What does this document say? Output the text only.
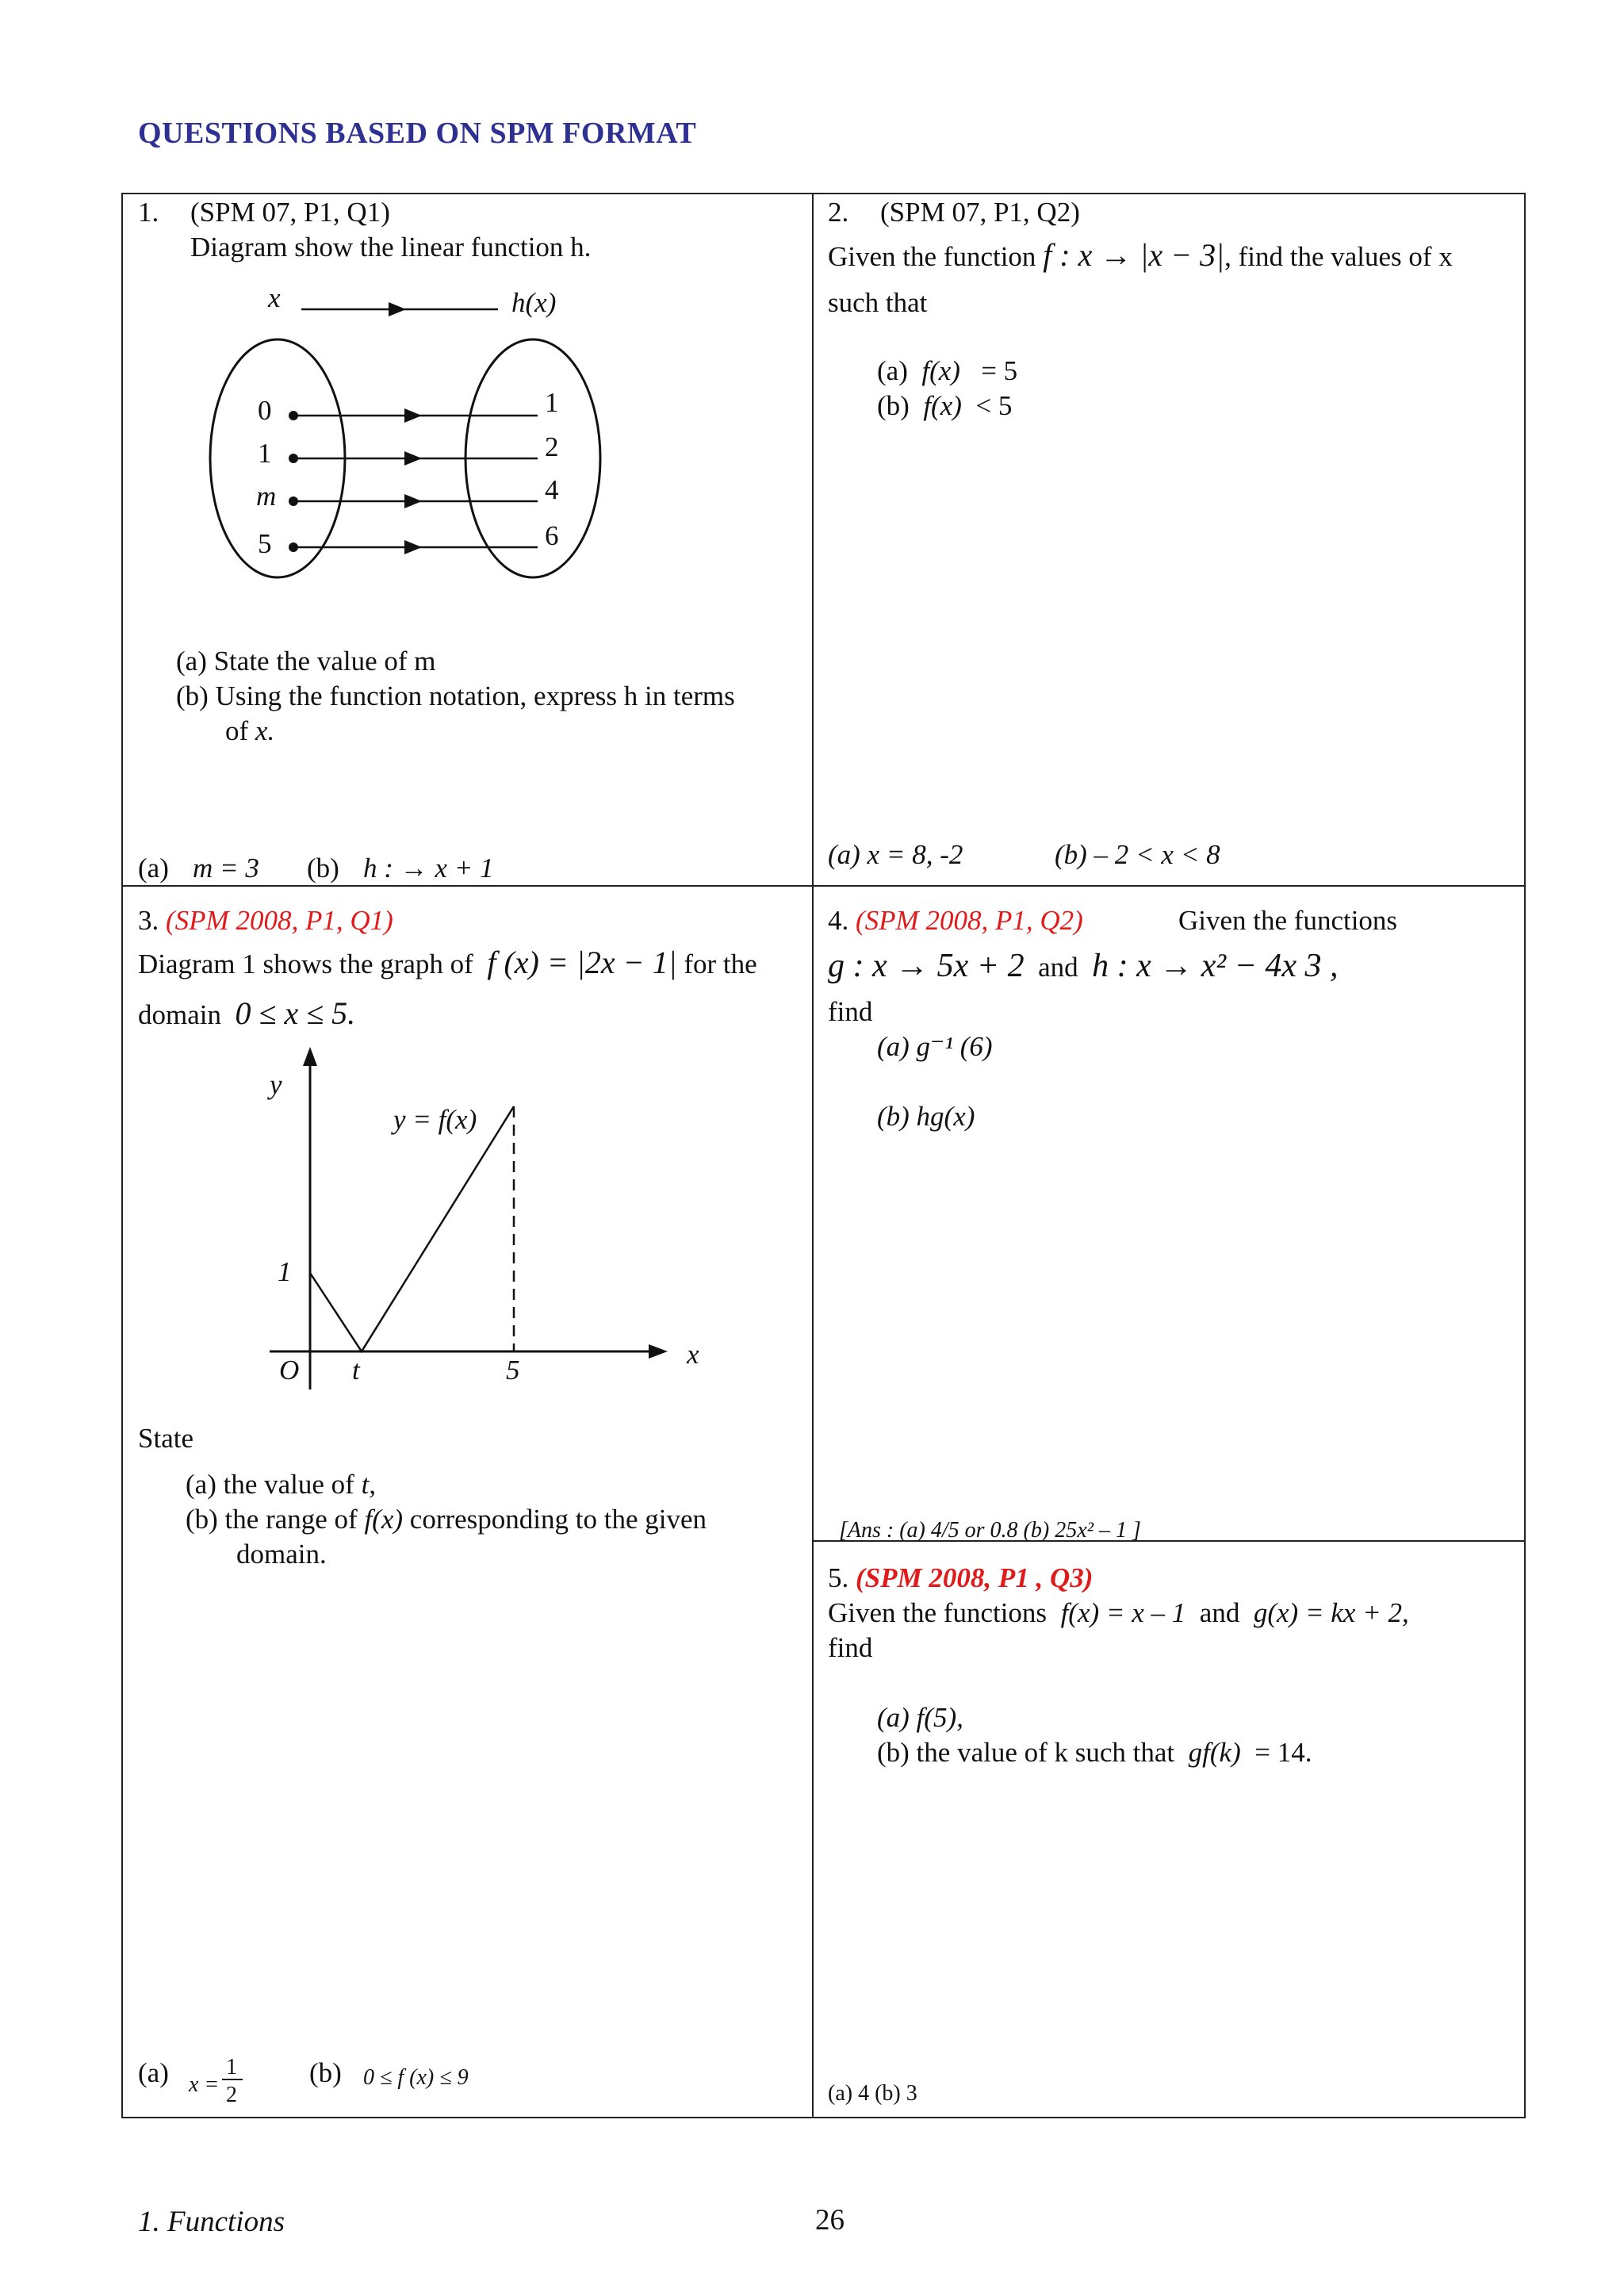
QUESTIONS BASED ON SPM FORMAT
1. (SPM 07, P1, Q1)
Diagram show the linear function h.
x	h(x)
0
1
m
5
1
2
4
6
(a) State the value of m
(b) Using the function notation, express h in terms
of x.
(a) m = 3 (b) h : → x + 1
2. (SPM 07, P1, Q2)
Given the function f : x → |x − 3|, find the values of x
such that
(a) f(x) = 5
(b) f(x) < 5
(a) x = 8, -2	(b) – 2 < x < 8
3. (SPM 2008, P1, Q1)
Diagram 1 shows the graph of f (x) = |2x − 1| for the
domain 0 ≤ x ≤ 5.
y
y = f(x)
1
O t	5
x
State
(a) the value of t,
(b) the range of f(x) corresponding to the given
domain.
(a) x =
1
2
(b) 0 ≤ f (x) ≤ 9
4. (SPM 2008, P1, Q2)	Given the functions
g : x → 5x + 2 and h : x → x² − 4x 3 ,
find
(a) g⁻¹ (6)
(b) hg(x)
[Ans : (a) 4/5 or 0.8 (b) 25x² – 1 ]
5. (SPM 2008, P1 , Q3)
Given the functions f(x) = x – 1 and g(x) = kx + 2,
find
(a) f(5),
(b) the value of k such that gf(k) = 14.
(a) 4 (b) 3
1. Functions	26
